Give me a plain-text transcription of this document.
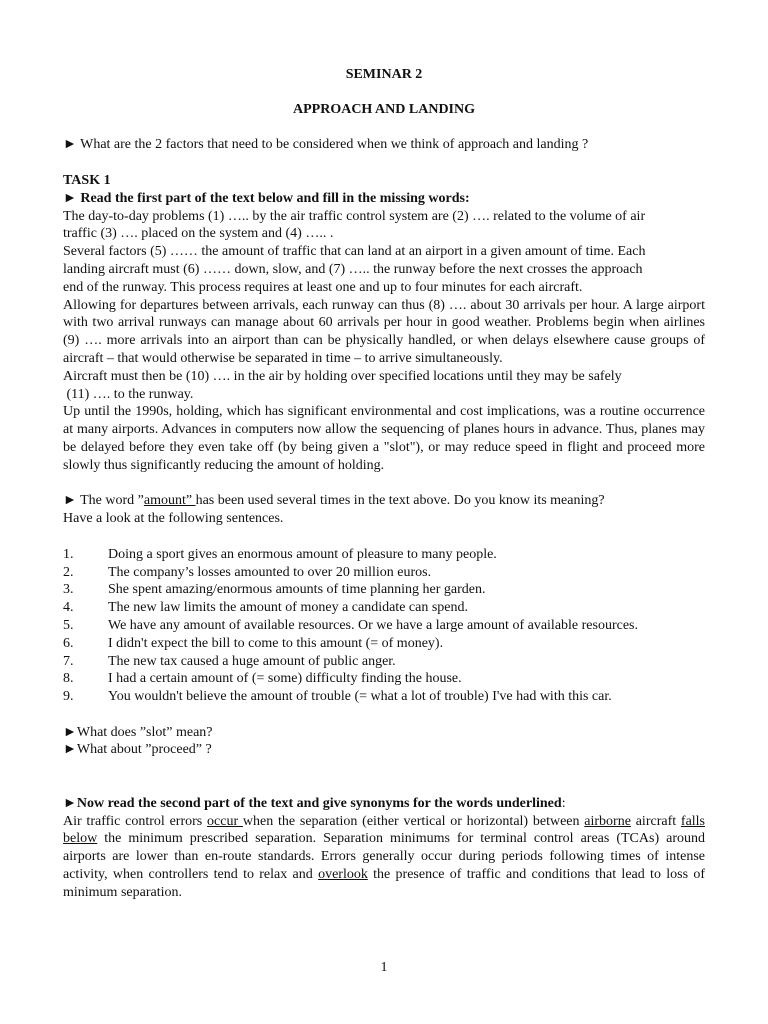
SEMINAR 2

APPROACH AND LANDING

► What are the 2 factors that need to be considered when we think of approach and landing ?

TASK 1

► Read the first part of the text below and fill in the missing words:

The day-to-day problems (1) ….. by the air traffic control system are (2) …. related to the volume of air

traffic (3) …. placed on the system and (4) ….. .

Several factors (5) …… the amount of traffic that can land at an airport in a given amount of time. Each

landing aircraft must (6) …… down, slow, and (7) ….. the runway before the next crosses the approach

end of the runway. This process requires at least one and up to four minutes for each aircraft.

Allowing for departures between arrivals, each runway can thus (8) …. about 30 arrivals per hour. A large airport with two arrival runways can manage about 60 arrivals per hour in good weather. Problems begin when airlines (9) …. more arrivals into an airport than can be physically handled, or when delays elsewhere cause groups of aircraft – that would otherwise be separated in time – to arrive simultaneously.

Aircraft must then be (10) …. in the air by holding over specified locations until they may be safely

(11) …. to the runway.

Up until the 1990s, holding, which has significant environmental and cost implications, was a routine occurrence at many airports. Advances in computers now allow the sequencing of planes hours in advance. Thus, planes may be delayed before they even take off (by being given a "slot"), or may reduce speed in flight and proceed more slowly thus significantly reducing the amount of holding.

► The word ”amount” has been used several times in the text above. Do you know its meaning?

Have a look at the following sentences.

1.	Doing a sport gives an enormous amount of pleasure to many people.
2.	The company’s losses amounted to over 20 million euros.
3.	She spent amazing/enormous amounts of time planning her garden.
4.	The new law limits the amount of money a candidate can spend.
5.	We have any amount of available resources. Or we have a large amount of available resources.
6.	I didn't expect the bill to come to this amount (= of money).
7.	The new tax caused a huge amount of public anger.
8.	I had a certain amount of (= some) difficulty finding the house.
9.	You wouldn't believe the amount of trouble (= what a lot of trouble) I've had with this car.

►What does ”slot” mean?

►What about ”proceed” ?

►Now read the second part of the text and give synonyms for the words underlined:

Air traffic control errors occur when the separation (either vertical or horizontal) between airborne aircraft falls below the minimum prescribed separation. Separation minimums for terminal control areas (TCAs) around airports are lower than en-route standards. Errors generally occur during periods following times of intense activity, when controllers tend to relax and overlook the presence of traffic and conditions that lead to loss of minimum separation.

1
